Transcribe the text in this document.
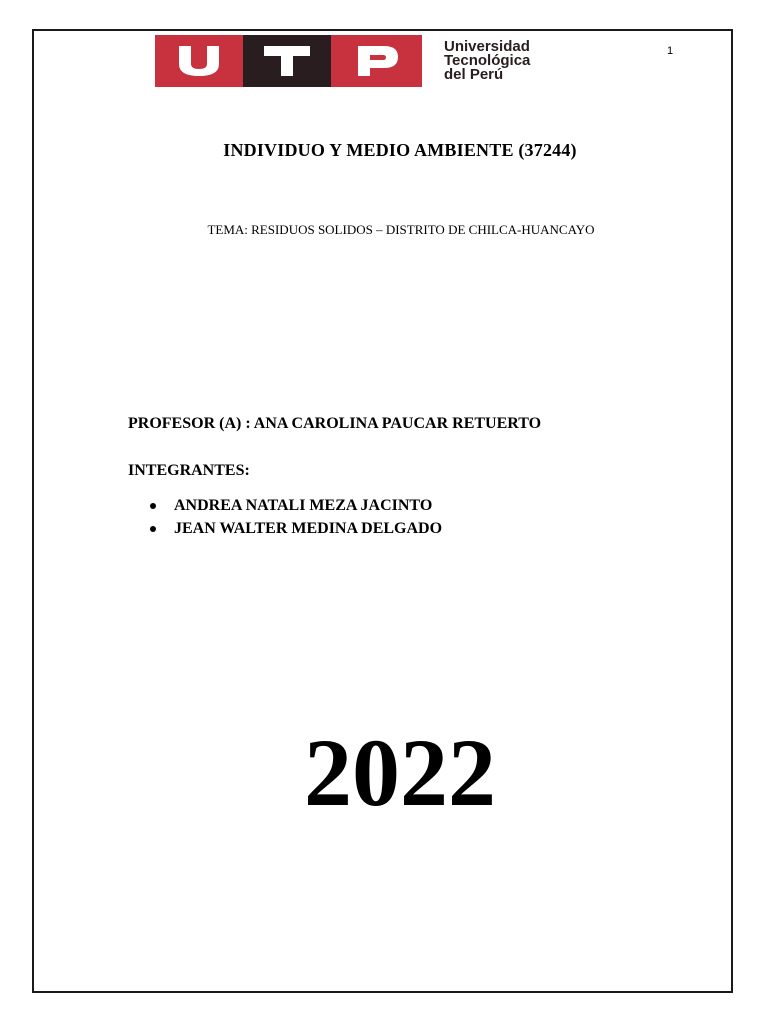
Universidad
Tecnológica
del Perú
1
INDIVIDUO Y MEDIO AMBIENTE (37244)
TEMA: RESIDUOS SOLIDOS – DISTRITO DE CHILCA-HUANCAYO
PROFESOR (A) : ANA CAROLINA PAUCAR RETUERTO
INTEGRANTES:
ANDREA NATALI MEZA JACINTO
JEAN WALTER MEDINA DELGADO
2022
